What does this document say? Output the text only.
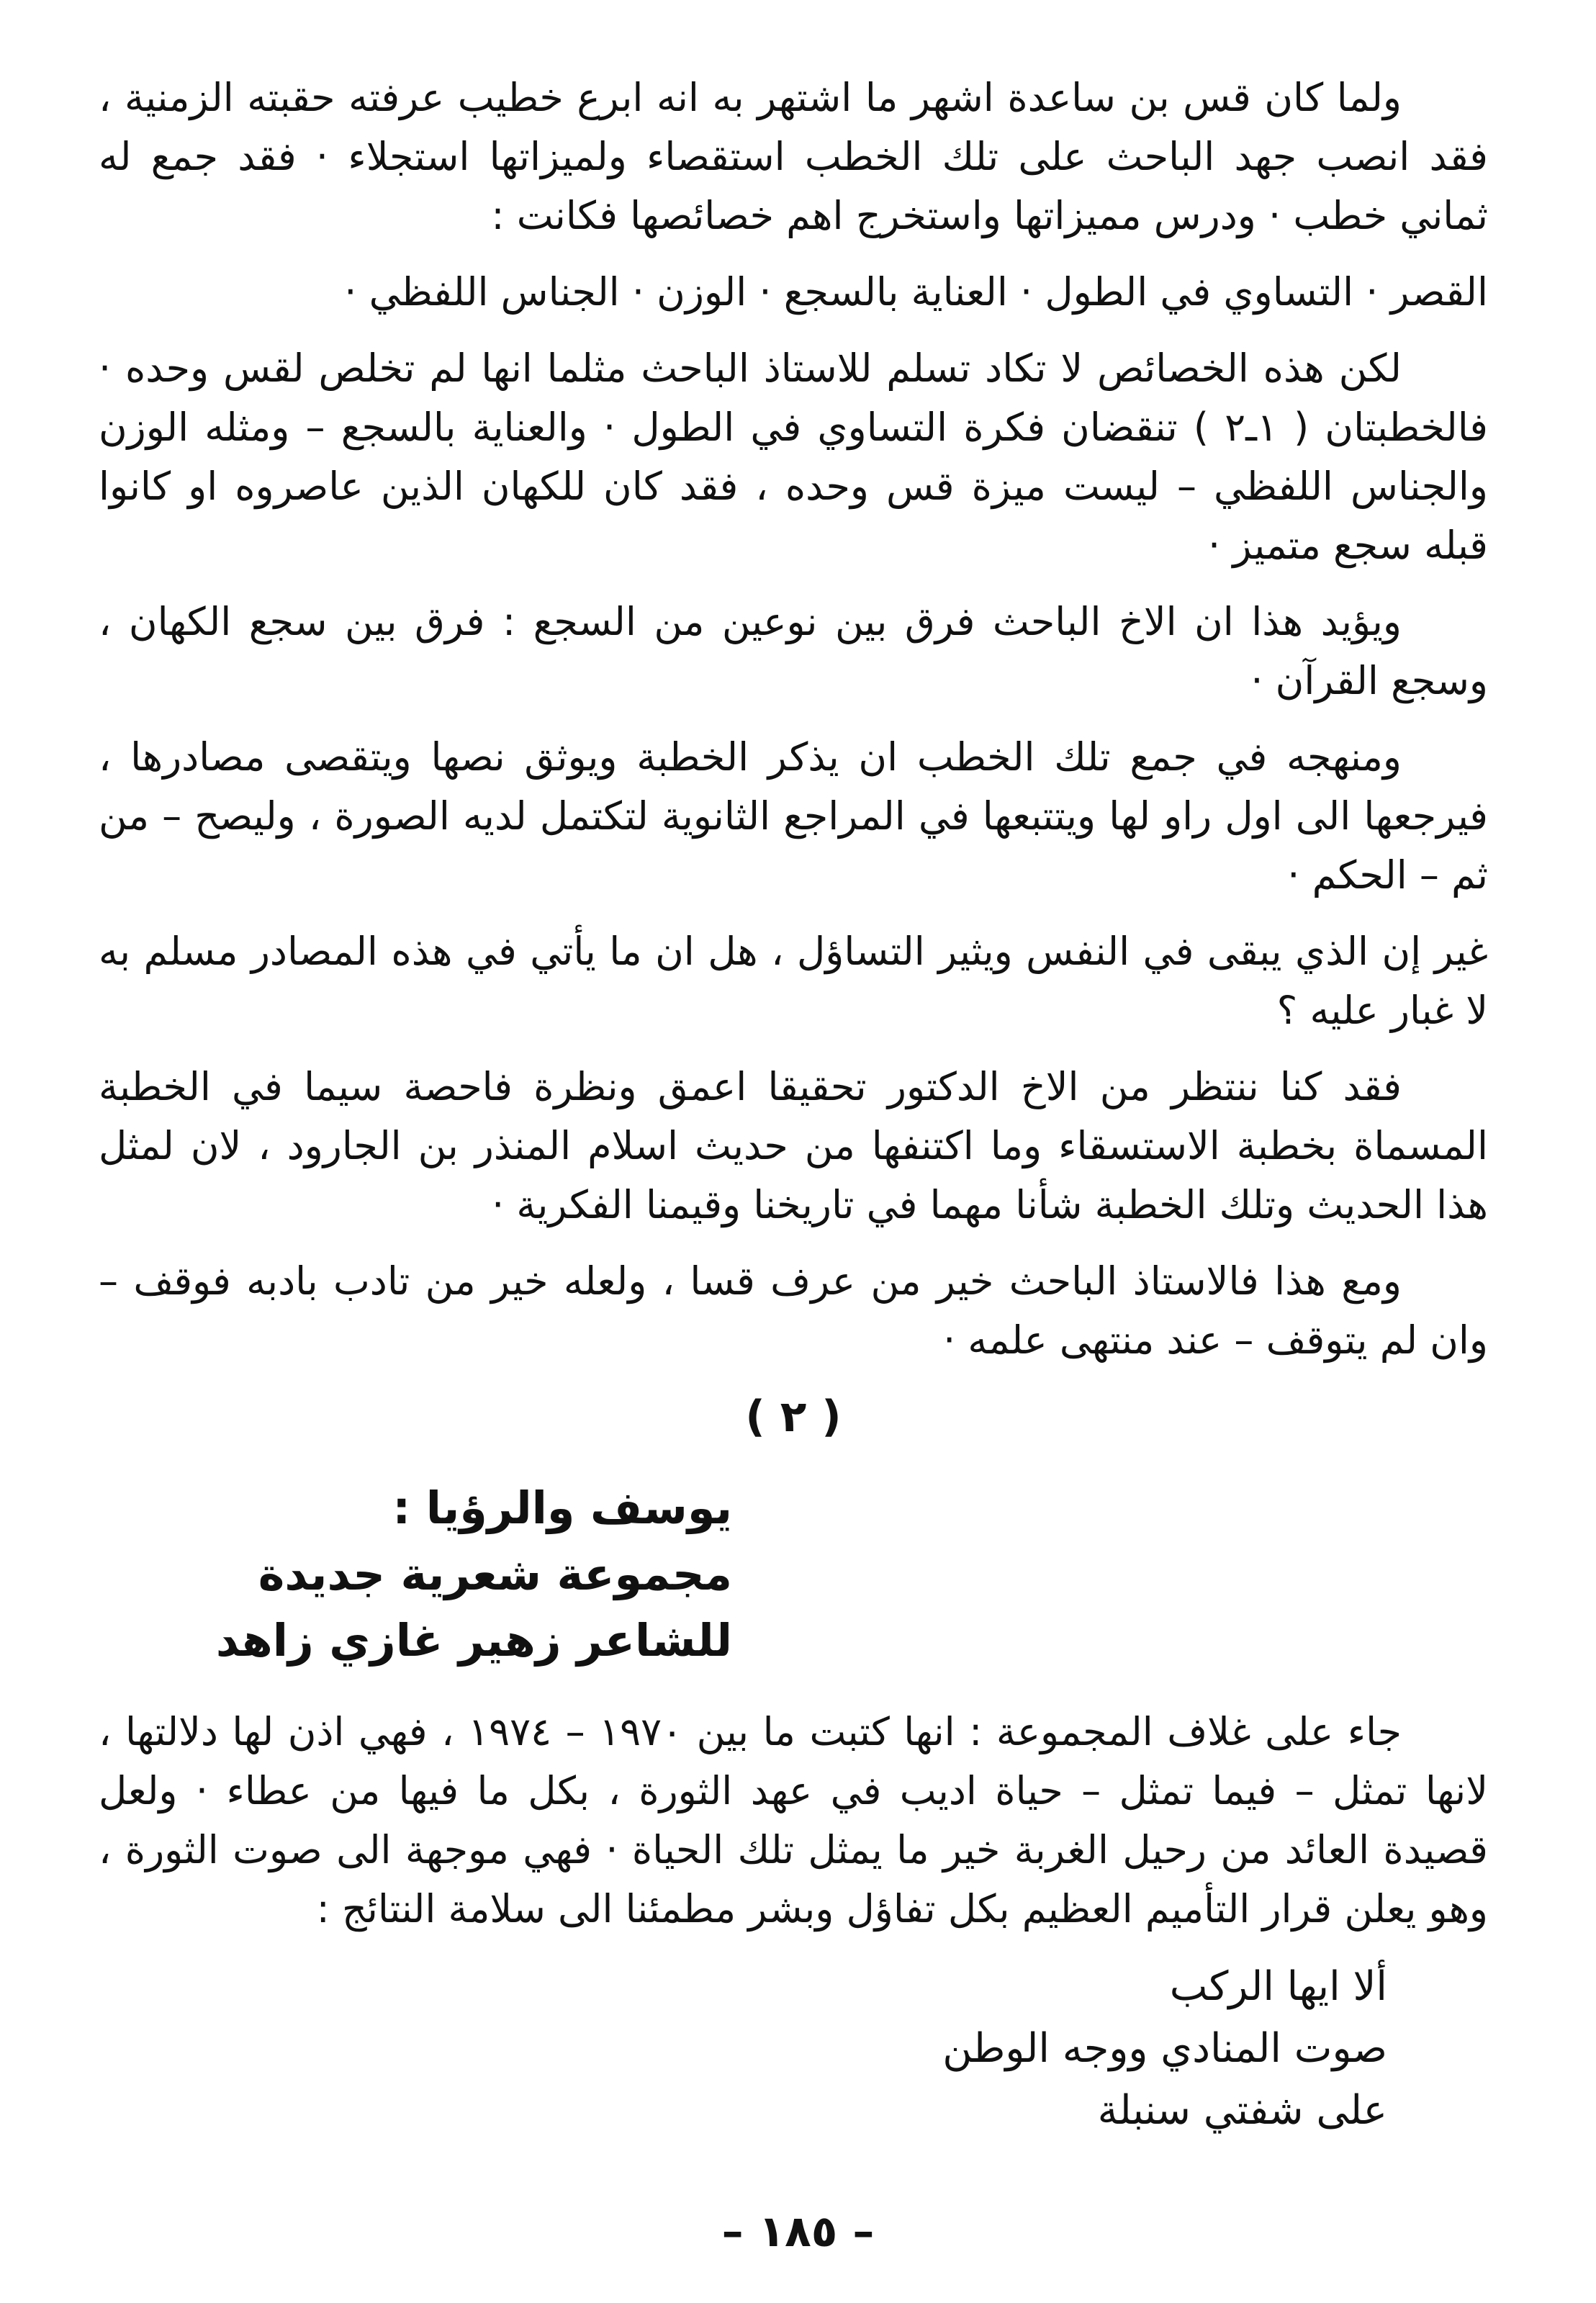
ولما كان قس بن ساعدة اشهر ما اشتهر به انه ابرع خطيب عرفته حقبته الزمنية ، فقد انصب جهد الباحث على تلك الخطب استقصاء ولميزاتها استجلاء · فقد جمع له ثماني خطب · ودرس مميزاتها واستخرج اهم خصائصها فكانت :

القصر · التساوي في الطول · العناية بالسجع · الوزن · الجناس اللفظي ·

لكن هذه الخصائص لا تكاد تسلم للاستاذ الباحث مثلما انها لم تخلص لقس وحده · فالخطبتان ( ١ـ٢ ) تنقضان فكرة التساوي في الطول · والعناية بالسجع – ومثله الوزن والجناس اللفظي – ليست ميزة قس وحده ، فقد كان للكهان الذين عاصروه او كانوا قبله سجع متميز ·

ويؤيد هذا ان الاخ الباحث فرق بين نوعين من السجع : فرق بين سجع الكهان ، وسجع القرآن ·

ومنهجه في جمع تلك الخطب ان يذكر الخطبة ويوثق نصها ويتقصى مصادرها ، فيرجعها الى اول راو لها ويتتبعها في المراجع الثانوية لتكتمل لديه الصورة ، وليصح – من ثم – الحكم ·

غير إن الذي يبقى في النفس ويثير التساؤل ، هل ان ما يأتي في هذه المصادر مسلم به لا غبار عليه ؟

فقد كنا ننتظر من الاخ الدكتور تحقيقا اعمق ونظرة فاحصة سيما في الخطبة المسماة بخطبة الاستسقاء وما اكتنفها من حديث اسلام المنذر بن الجارود ، لان لمثل هذا الحديث وتلك الخطبة شأنا مهما في تاريخنا وقيمنا الفكرية ·

ومع هذا فالاستاذ الباحث خير من عرف قسا ، ولعله خير من تادب بادبه فوقف – وان لم يتوقف – عند منتهى علمه ·

( ٢ )
يوسف والرؤيا :
مجموعة شعرية جديدة
للشاعر زهير غازي زاهد

جاء على غلاف المجموعة : انها كتبت ما بين ١٩٧٠ – ١٩٧٤ ، فهي اذن لها دلالتها ، لانها تمثل – فيما تمثل – حياة اديب في عهد الثورة ، بكل ما فيها من عطاء · ولعل قصيدة العائد من رحيل الغربة خير ما يمثل تلك الحياة · فهي موجهة الى صوت الثورة ، وهو يعلن قرار التأميم العظيم بكل تفاؤل وبشر مطمئنا الى سلامة النتائج :

ألا ايها الركب
صوت المنادي ووجه الوطن
على شفتي سنبلة
– ١٨٥ –
